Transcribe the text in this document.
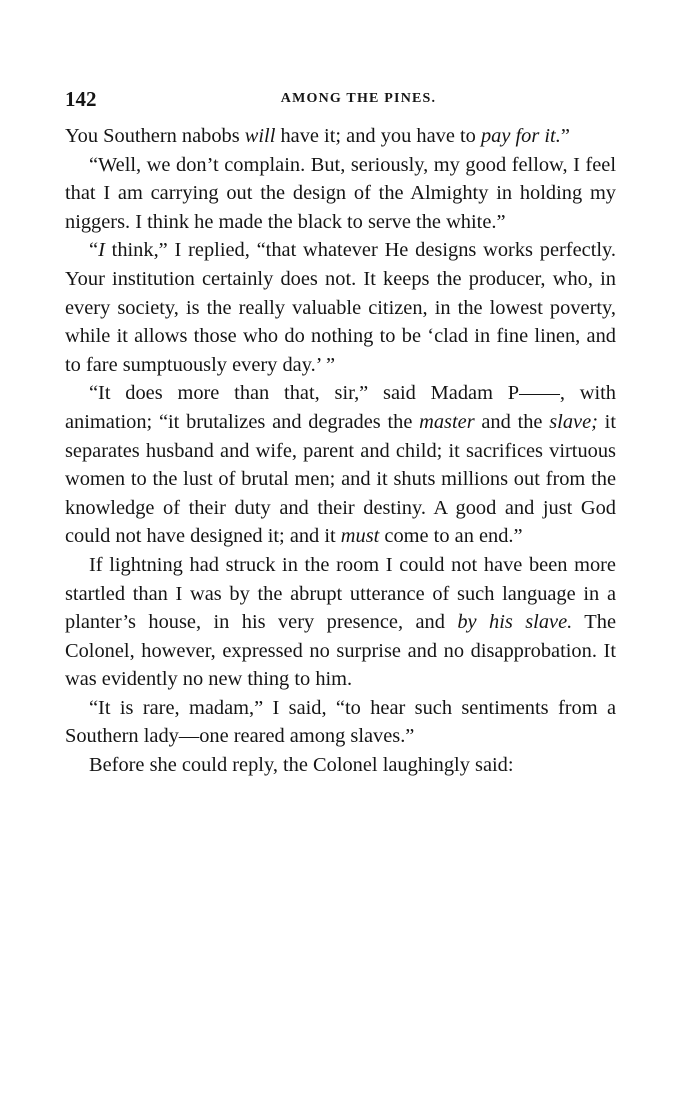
142	AMONG THE PINES.

You Southern nabobs will have it; and you have to pay for it.”

“Well, we don’t complain. But, seriously, my good fellow, I feel that I am carrying out the design of the Almighty in holding my niggers. I think he made the black to serve the white.”

“I think,” I replied, “that whatever He designs works perfectly. Your institution certainly does not. It keeps the producer, who, in every society, is the really valuable citizen, in the lowest poverty, while it allows those who do nothing to be ‘clad in fine linen, and to fare sumptuously every day.’ ”

“It does more than that, sir,” said Madam P——, with animation; “it brutalizes and degrades the master and the slave; it separates husband and wife, parent and child; it sacrifices virtuous women to the lust of brutal men; and it shuts millions out from the knowledge of their duty and their destiny. A good and just God could not have designed it; and it must come to an end.”

If lightning had struck in the room I could not have been more startled than I was by the abrupt utterance of such language in a planter’s house, in his very presence, and by his slave. The Colonel, however, expressed no surprise and no disapprobation. It was evidently no new thing to him.

“It is rare, madam,” I said, “to hear such sentiments from a Southern lady—one reared among slaves.”

Before she could reply, the Colonel laughingly said:
